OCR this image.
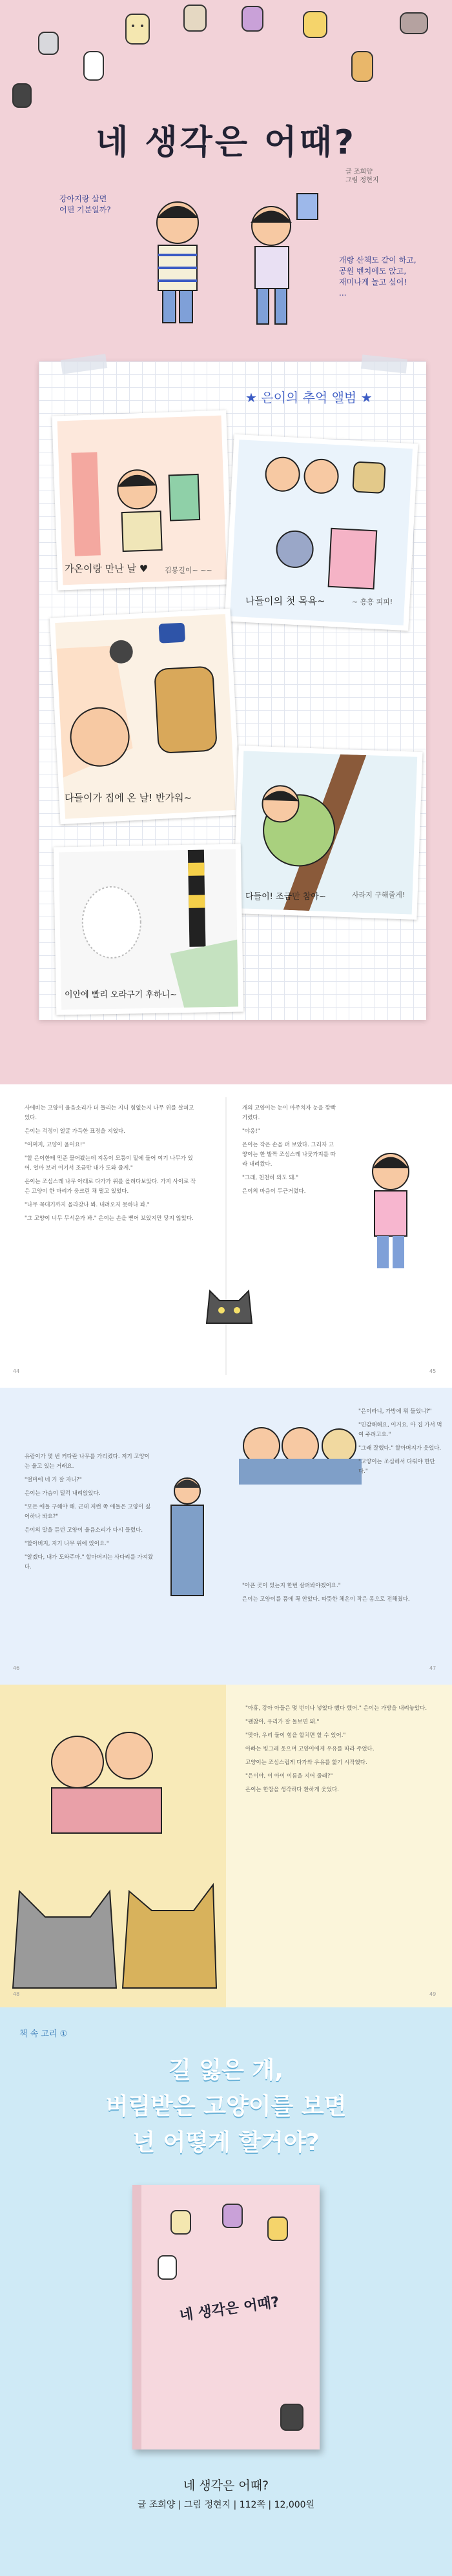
네 생각은 어때?
글 조희양
그림 정현지
강아지랑 살면
어떤 기분일까?
개랑 산책도 같이 하고,
공원 벤치에도 앉고,
재미나게 놀고 싶어!
...
★ 은이의 추억 앨범 ★
가온이랑 만난 날 ♥ 김봉길이~ ~~
나들이의 첫 목욕~	~ 흥흥 피피!
다들이가 집에 온 날! 반가워~
다들이! 조금만 참아~	사라지 구해줄게!
이안에 빨리 오라구기 후하니~

사에비는 고양이 울음소리가 더 들리는 지니 힘없는지 나무 위를 살피고 있다.

은이는 걱정이 얼굴 가득한 표정을 지었다.

"어쩌지, 고양이 울어요!"

"할 은이한테 민준 물어봤는데 지동이 모퉁이 밑에 들어 여기 나무가 있어. 얼마 보려 여기서 조금만 내가 도와 줄게."

은이는 조심스레 나무 아래로 다가가 위를 올려다보았다. 가지 사이로 작은 고양이 한 마리가 웅크린 채 떨고 있었다.

"나무 꼭대기까지 올라갔나 봐. 내려오지 못하나 봐."

"그 고양이 너무 무서운가 봐." 은이는 손을 뻗어 보았지만 닿지 않았다.

개의 고양이는 눈이 마주치자 눈을 깜빡거렸다.

"야옹!"

은이는 작은 손을 펴 보았다. 그러자 고양이는 한 발짝 조심스레 나뭇가지를 따라 내려왔다.

"그래, 천천히 와도 돼."

은이의 마음이 두근거렸다.

44	45

유람이가 몇 번 커다란 나무를 가리켰다. 저기 고양이는 울고 있는 거래요.

"얼마에 네 거 잘 자니?"

은이는 가슴이 덜컥 내려앉았다.

"모든 애들 구해야 해. 근데 저런 쪽 애들은 고양이 싫어하나 봐요?"

은이의 말을 듣던 고양이 울음소리가 다시 들렸다.

"할아버지, 저기 나무 위에 있어요."

"알겠다, 내가 도와주마." 할아버지는 사다리를 가져왔다.

"은이라니, 가방에 뭐 들었니?"

"민감해해요, 이거요. 아 집 가서 먹여 주려고요."

"그래 잘했다." 할아버지가 웃었다.

"고양이는 조심해서 다뤄야 한단다."

"아픈 곳이 있는지 한번 살펴봐야겠어요."

은이는 고양이를 품에 꼭 안았다. 따뜻한 체온이 작은 몸으로 전해졌다.

46	47

"아휴, 강아 아들은 몇 번이나 넣었다 뺐다 했어." 은이는 가방을 내려놓았다.

"괜찮아, 우리가 잘 돌보면 돼."

"맞아, 우리 둘이 힘을 합치면 할 수 있어."

아빠는 빙그레 웃으며 고양이에게 우유를 따라 주었다.

고양이는 조심스럽게 다가와 우유를 핥기 시작했다.

"은이야, 이 아이 이름을 지어 줄래?"

은이는 한참을 생각하다 환하게 웃었다.

48	49
책 속 고리 ①
길 잃은 개,
버림받은 고양이를 보면
넌 어떻게 할거야?
네 생각은 어때?
네 생각은 어때?
글 조희양 | 그림 정현지 | 112쪽 | 12,000원
